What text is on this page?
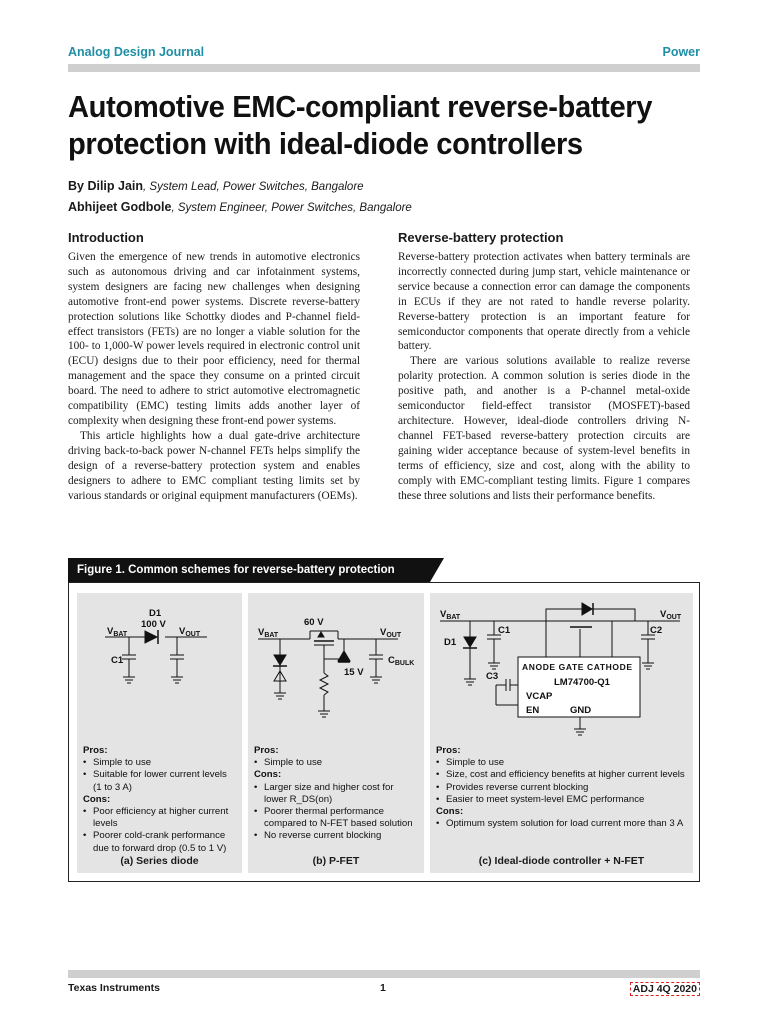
Analog Design Journal	Power
Automotive EMC-compliant reverse-battery protection with ideal-diode controllers
By Dilip Jain, System Lead, Power Switches, Bangalore
Abhijeet Godbole, System Engineer, Power Switches, Bangalore
Introduction

Given the emergence of new trends in automotive electronics such as autonomous driving and car infotainment systems, system designers are facing new challenges when designing automotive front-end power systems. Discrete reverse-battery protection solutions like Schottky diodes and P-channel field-effect transistors (FETs) are no longer a viable solution for the 100- to 1,000-W power levels required in electronic control unit (ECU) designs due to their poor efficiency, need for thermal management and the space they consume on a printed circuit board. The need to adhere to strict automotive electromagnetic compatibility (EMC) testing limits adds another layer of complexity when designing these front-end power systems.

This article highlights how a dual gate-drive architecture driving back-to-back power N-channel FETs helps simplify the design of a reverse-battery protection system and enables designers to adhere to EMC compliant testing limits set by various standards or original equipment manufacturers (OEMs).

Reverse-battery protection

Reverse-battery protection activates when battery terminals are incorrectly connected during jump start, vehicle maintenance or service because a connection error can damage the components in ECUs if they are not rated to handle reverse polarity. Reverse-battery protection is an important feature for semiconductor components that operate directly from a vehicle battery.

There are various solutions available to realize reverse polarity protection. A common solution is series diode in the positive path, and another is a P-channel metal-oxide semiconductor field-effect transistor (MOSFET)-based architecture. However, ideal-diode controllers driving N-channel FET-based reverse-battery protection circuits are gaining wider acceptance because of system-level benefits in terms of efficiency, size and cost, along with the ability to comply with EMC-compliant testing limits. Figure 1 compares these three solutions and lists their performance benefits.

Figure 1. Common schemes for reverse-battery protection
D1
100 V
$V_{BAT}$	$V_{OUT}$
C1
Pros:
• Simple to use
• Suitable for lower current levels (1 to 3 A)
Cons:
• Poor efficiency at higher current levels
• Poorer cold-crank performance due to forward drop (0.5 to 1 V)
(a) Series diode
60 V
$V_{BAT}$	$V_{OUT}$
15 V
$C_{BULK}$
Pros:
• Simple to use
Cons:
• Larger size and higher cost for lower R_DS(on)
• Poorer thermal performance compared to N-FET based solution
• No reverse current blocking
(b) P-FET
$V_{BAT}$	$V_{OUT}$
D1
C1	C2
C3
ANODE GATE CATHODE
LM74700-Q1
VCAP
EN	GND
Pros:
• Simple to use
• Size, cost and efficiency benefits at higher current levels
• Provides reverse current blocking
• Easier to meet system-level EMC performance
Cons:
• Optimum system solution for load current more than 3 A
(c) Ideal-diode controller + N-FET
Texas Instruments	1	ADJ 4Q 2020
